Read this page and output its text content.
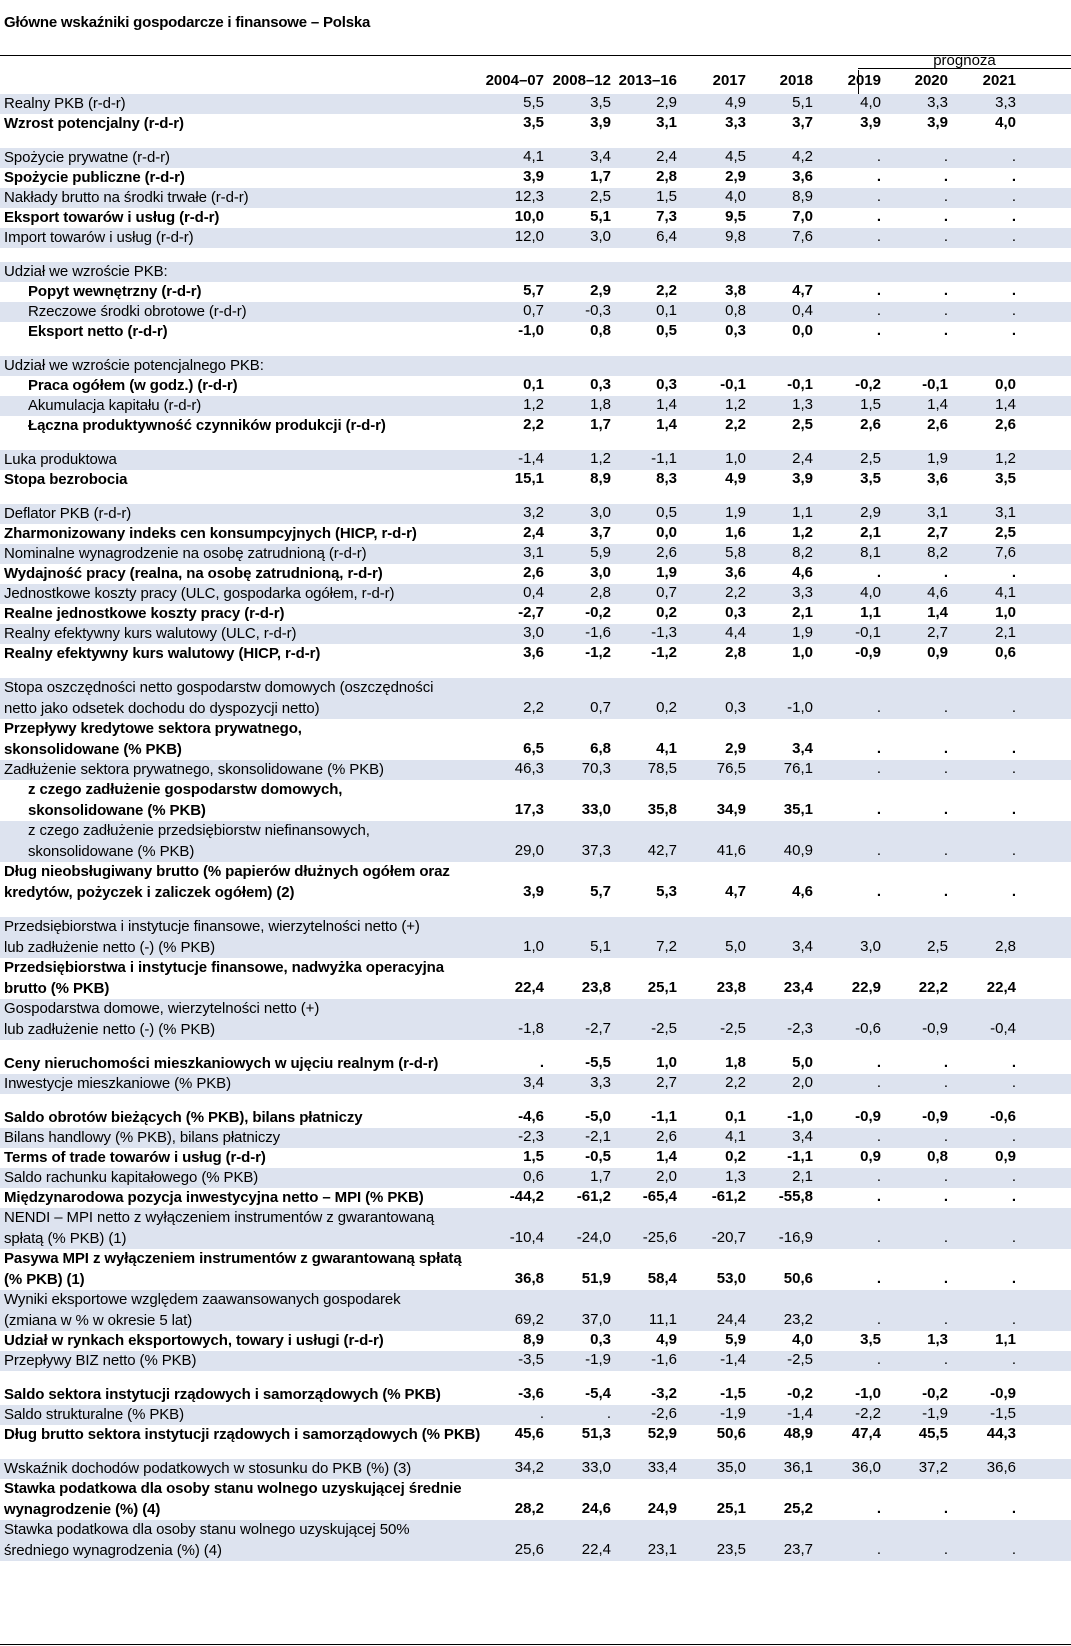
Główne wskaźniki gospodarcze i finansowe – Polska
prognoza
2004–07 2008–12 2013–16 2017 2018 2019 2020 2021
Realny PKB (r-d-r)	5,5	3,5	2,9	4,9	5,1	4,0	3,3	3,3
Wzrost potencjalny (r-d-r)	3,5	3,9	3,1	3,3	3,7	3,9	3,9	4,0
Spożycie prywatne (r-d-r)	4,1	3,4	2,4	4,5	4,2	.	.	.
Spożycie publiczne (r-d-r)	3,9	1,7	2,8	2,9	3,6	.	.	.
Nakłady brutto na środki trwałe (r-d-r)	12,3	2,5	1,5	4,0	8,9	.	.	.
Eksport towarów i usług (r-d-r)	10,0	5,1	7,3	9,5	7,0	.	.	.
Import towarów i usług (r-d-r)	12,0	3,0	6,4	9,8	7,6	.	.	.
Udział we wzroście PKB:
Popyt wewnętrzny (r-d-r)	5,7	2,9	2,2	3,8	4,7	.	.	.
Rzeczowe środki obrotowe (r-d-r)	0,7	-0,3	0,1	0,8	0,4	.	.	.
Eksport netto (r-d-r)	-1,0	0,8	0,5	0,3	0,0	.	.	.
Udział we wzroście potencjalnego PKB:
Praca ogółem (w godz.) (r-d-r)	0,1	0,3	0,3	-0,1	-0,1	-0,2	-0,1	0,0
Akumulacja kapitału (r-d-r)	1,2	1,8	1,4	1,2	1,3	1,5	1,4	1,4
Łączna produktywność czynników produkcji (r-d-r)	2,2	1,7	1,4	2,2	2,5	2,6	2,6	2,6
Luka produktowa	-1,4	1,2	-1,1	1,0	2,4	2,5	1,9	1,2
Stopa bezrobocia	15,1	8,9	8,3	4,9	3,9	3,5	3,6	3,5
Deflator PKB (r-d-r)	3,2	3,0	0,5	1,9	1,1	2,9	3,1	3,1
Zharmonizowany indeks cen konsumpcyjnych (HICP, r-d-r)	2,4	3,7	0,0	1,6	1,2	2,1	2,7	2,5
Nominalne wynagrodzenie na osobę zatrudnioną (r-d-r)	3,1	5,9	2,6	5,8	8,2	8,1	8,2	7,6
Wydajność pracy (realna, na osobę zatrudnioną, r-d-r)	2,6	3,0	1,9	3,6	4,6	.	.	.
Jednostkowe koszty pracy (ULC, gospodarka ogółem, r-d-r)	0,4	2,8	0,7	2,2	3,3	4,0	4,6	4,1
Realne jednostkowe koszty pracy (r-d-r)	-2,7	-0,2	0,2	0,3	2,1	1,1	1,4	1,0
Realny efektywny kurs walutowy (ULC, r-d-r)	3,0	-1,6	-1,3	4,4	1,9	-0,1	2,7	2,1
Realny efektywny kurs walutowy (HICP, r-d-r)	3,6	-1,2	-1,2	2,8	1,0	-0,9	0,9	0,6
Stopa oszczędności netto gospodarstw domowych (oszczędności
netto jako odsetek dochodu do dyspozycji netto)	2,2	0,7	0,2	0,3	-1,0	.	.	.
Przepływy kredytowe sektora prywatnego,
skonsolidowane (% PKB)	6,5	6,8	4,1	2,9	3,4	.	.	.
Zadłużenie sektora prywatnego, skonsolidowane (% PKB)	46,3	70,3 78,5	76,5	76,1	.	.	.
z czego zadłużenie gospodarstw domowych,
skonsolidowane (% PKB)	17,3	33,0 35,8	34,9	35,1	.	.	.
z czego zadłużenie przedsiębiorstw niefinansowych,
skonsolidowane (% PKB)	29,0	37,3 42,7	41,6	40,9	.	.	.
Dług nieobsługiwany brutto (% papierów dłużnych ogółem oraz
kredytów, pożyczek i zaliczek ogółem) (2)	3,9	5,7	5,3	4,7	4,6	.	.	.
Przedsiębiorstwa i instytucje finansowe, wierzytelności netto (+)
lub zadłużenie netto (-) (% PKB)	1,0	5,1	7,2	5,0	3,4	3,0	2,5	2,8
Przedsiębiorstwa i instytucje finansowe, nadwyżka operacyjna
brutto (% PKB)	22,4	23,8 25,1	23,8	23,4	22,9	22,2	22,4
Gospodarstwa domowe, wierzytelności netto (+)
lub zadłużenie netto (-) (% PKB)	-1,8	-2,7	-2,5	-2,5	-2,3	-0,6	-0,9	-0,4
Ceny nieruchomości mieszkaniowych w ujęciu realnym (r-d-r)	.	-5,5	1,0	1,8	5,0	.	.	.
Inwestycje mieszkaniowe (% PKB)	3,4	3,3	2,7	2,2	2,0	.	.	.
Saldo obrotów bieżących (% PKB), bilans płatniczy	-4,6	-5,0	-1,1	0,1	-1,0	-0,9	-0,9	-0,6
Bilans handlowy (% PKB), bilans płatniczy	-2,3	-2,1	2,6	4,1	3,4	.	.	.
Terms of trade towarów i usług (r-d-r)	1,5	-0,5	1,4	0,2	-1,1	0,9	0,8	0,9
Saldo rachunku kapitałowego (% PKB)	0,6	1,7	2,0	1,3	2,1	.	.	.
Międzynarodowa pozycja inwestycyjna netto – MPI (% PKB)	-44,2 -61,2 -65,4 -61,2 -55,8	.	.	.
NENDI – MPI netto z wyłączeniem instrumentów z gwarantowaną
spłatą (% PKB) (1)	-10,4 -24,0 -25,6 -20,7 -16,9	.	.	.
Pasywa MPI z wyłączeniem instrumentów z gwarantowaną spłatą
(% PKB) (1)	36,8	51,9 58,4	53,0	50,6	.	.	.
Wyniki eksportowe względem zaawansowanych gospodarek
(zmiana w % w okresie 5 lat)	69,2	37,0	11,1	24,4	23,2	.	.	.
Udział w rynkach eksportowych, towary i usługi (r-d-r)	8,9	0,3	4,9	5,9	4,0	3,5	1,3	1,1
Przepływy BIZ netto (% PKB)	-3,5	-1,9	-1,6	-1,4	-2,5	.	.	.
Saldo sektora instytucji rządowych i samorządowych (% PKB)	-3,6	-5,4	-3,2	-1,5	-0,2	-1,0	-0,2	-0,9
Saldo strukturalne (% PKB)	.	.	-2,6	-1,9	-1,4	-2,2	-1,9	-1,5
Dług brutto sektora instytucji rządowych i samorządowych (% PKB)	45,6	51,3 52,9	50,6	48,9	47,4	45,5	44,3
Wskaźnik dochodów podatkowych w stosunku do PKB (%) (3)	34,2	33,0 33,4	35,0	36,1	36,0	37,2	36,6
Stawka podatkowa dla osoby stanu wolnego uzyskującej średnie
wynagrodzenie (%) (4)	28,2	24,6 24,9	25,1	25,2	.	.	.
Stawka podatkowa dla osoby stanu wolnego uzyskującej 50%
średniego wynagrodzenia (%) (4)	25,6	22,4 23,1	23,5	23,7	.	.	.
